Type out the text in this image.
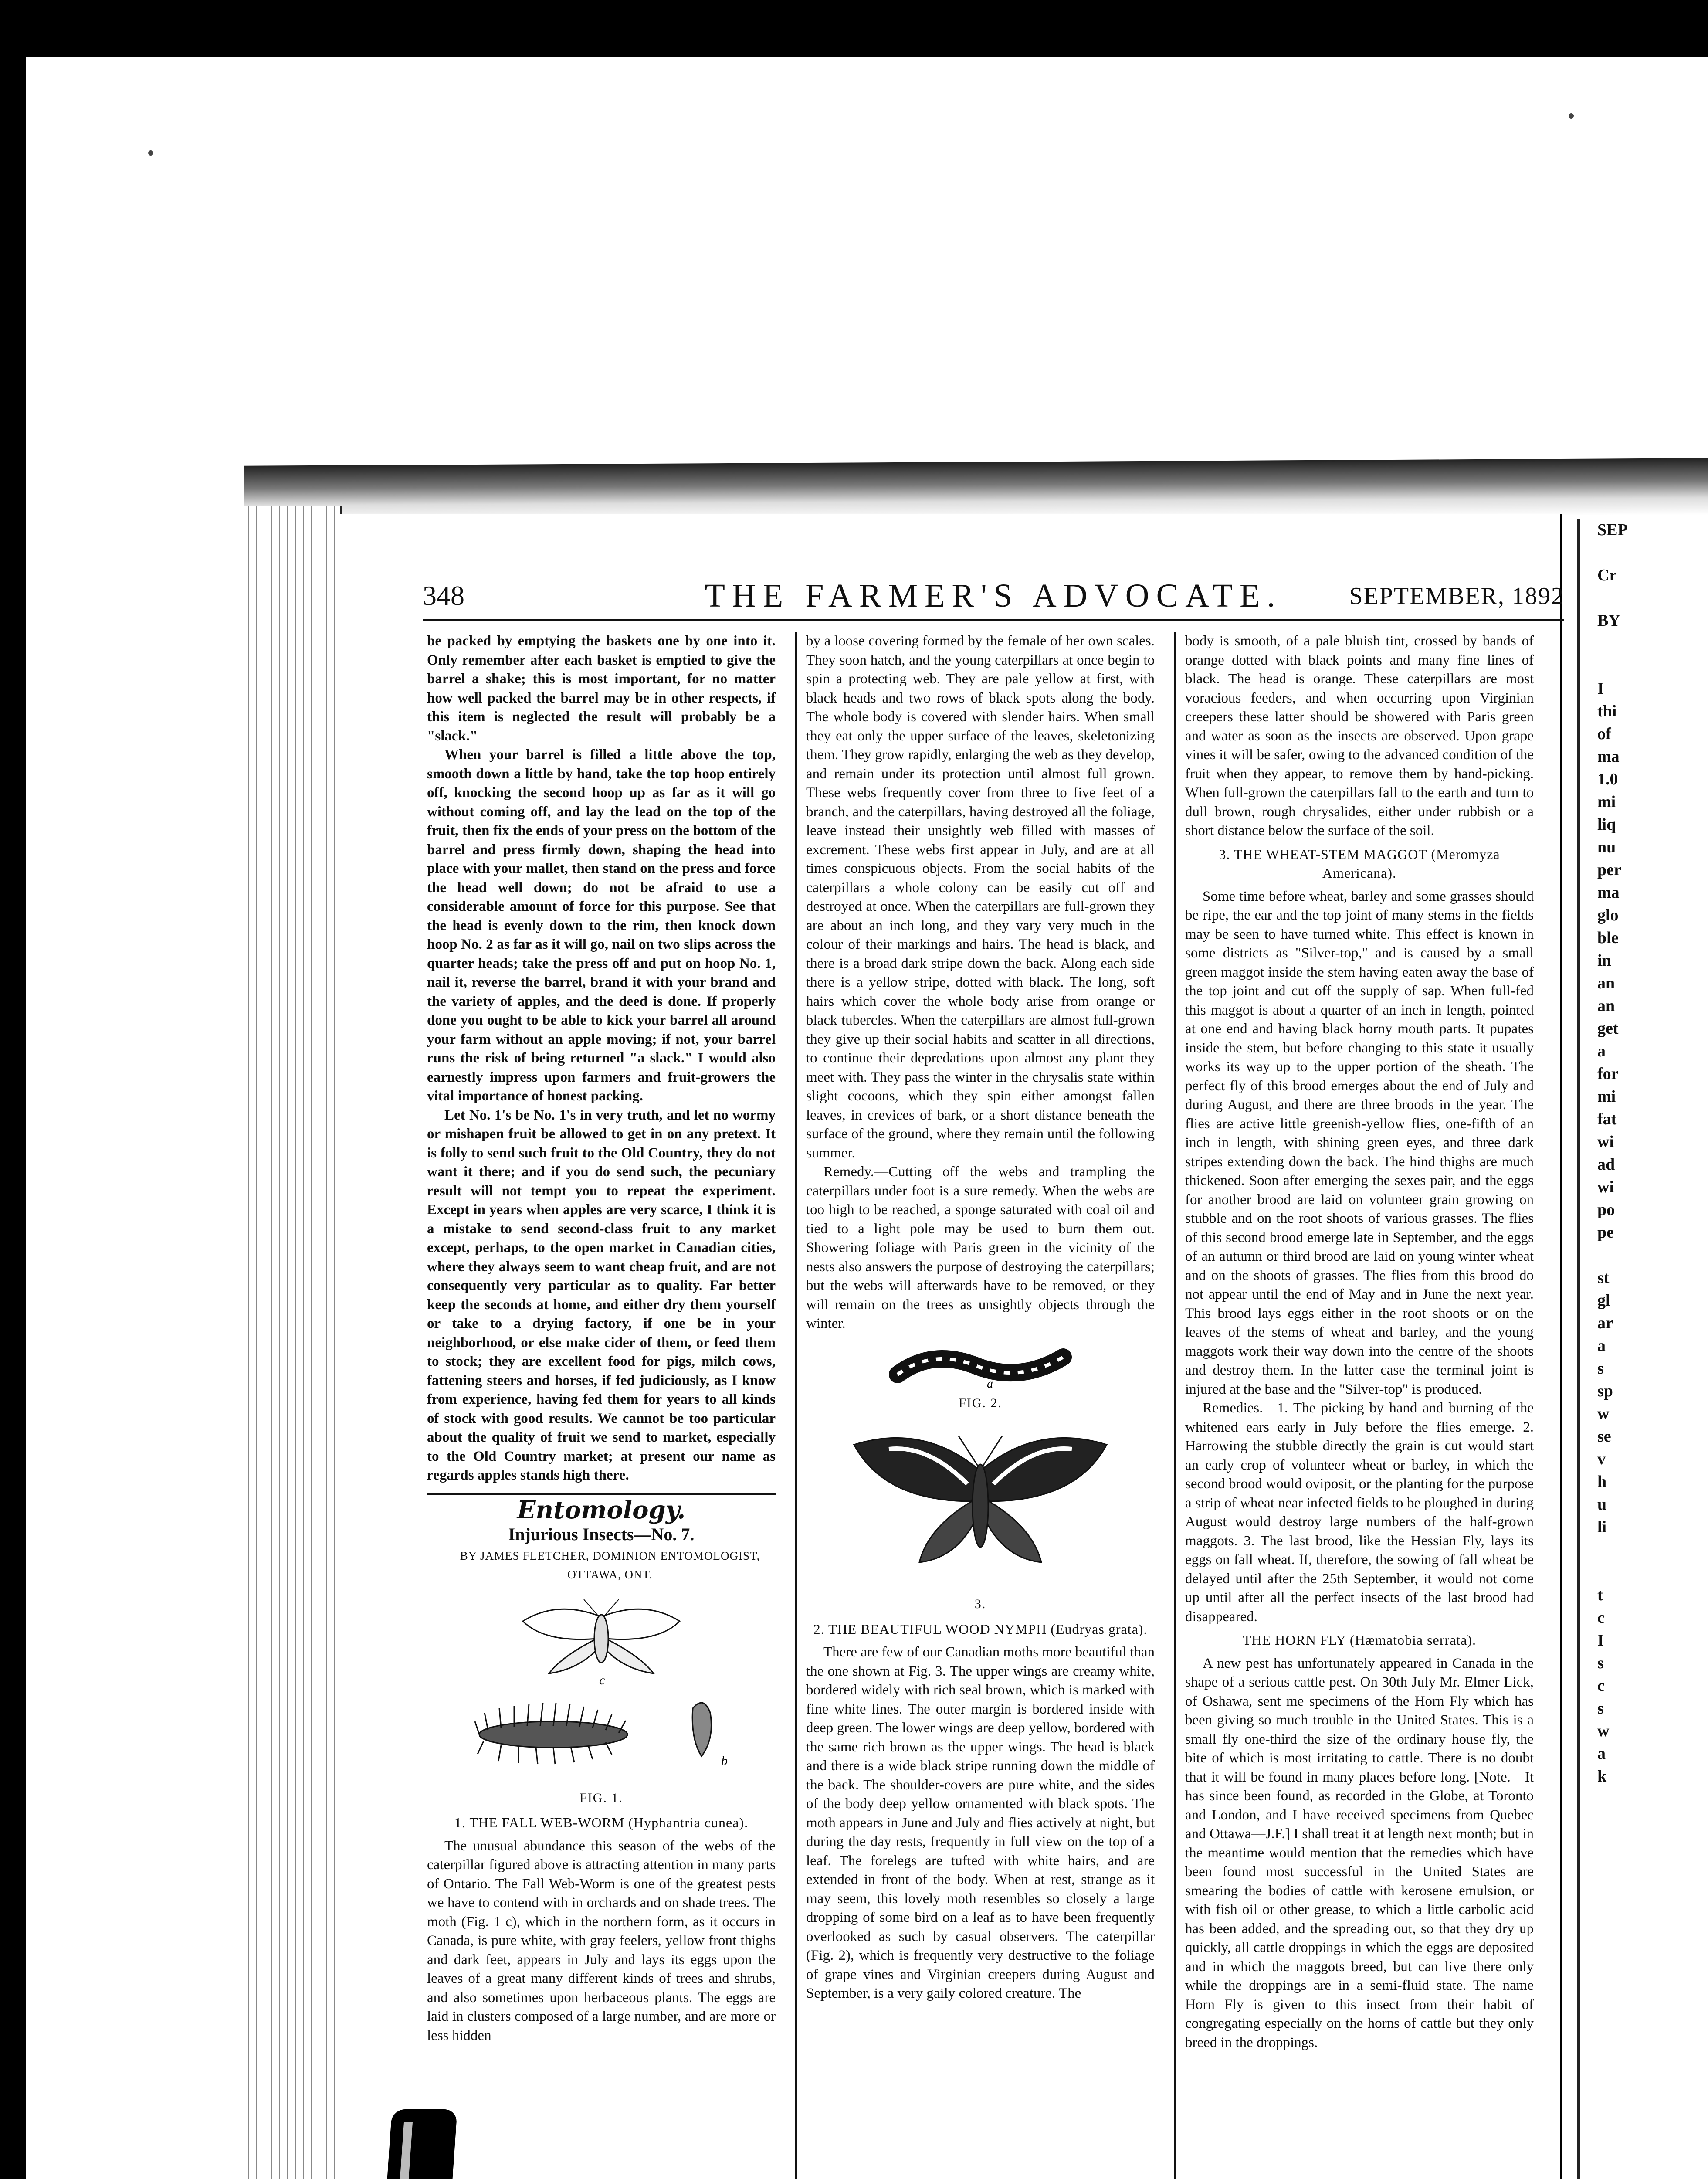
348	THE FARMER'S ADVOCATE.	SEPTEMBER, 1892

be packed by emptying the baskets one by one into it. Only remember after each basket is emptied to give the barrel a shake; this is most important, for no matter how well packed the barrel may be in other respects, if this item is neglected the result will probably be a "slack."

When your barrel is filled a little above the top, smooth down a little by hand, take the top hoop entirely off, knocking the second hoop up as far as it will go without coming off, and lay the lead on the top of the fruit, then fix the ends of your press on the bottom of the barrel and press firmly down, shaping the head into place with your mallet, then stand on the press and force the head well down; do not be afraid to use a considerable amount of force for this purpose. See that the head is evenly down to the rim, then knock down hoop No. 2 as far as it will go, nail on two slips across the quarter heads; take the press off and put on hoop No. 1, nail it, reverse the barrel, brand it with your brand and the variety of apples, and the deed is done. If properly done you ought to be able to kick your barrel all around your farm without an apple moving; if not, your barrel runs the risk of being returned "a slack." I would also earnestly impress upon farmers and fruit-growers the vital importance of honest packing.

Let No. 1's be No. 1's in very truth, and let no wormy or mishapen fruit be allowed to get in on any pretext. It is folly to send such fruit to the Old Country, they do not want it there; and if you do send such, the pecuniary result will not tempt you to repeat the experiment. Except in years when apples are very scarce, I think it is a mistake to send second-class fruit to any market except, perhaps, to the open market in Canadian cities, where they always seem to want cheap fruit, and are not consequently very particular as to quality. Far better keep the seconds at home, and either dry them yourself or take to a drying factory, if one be in your neighborhood, or else make cider of them, or feed them to stock; they are excellent food for pigs, milch cows, fattening steers and horses, if fed judiciously, as I know from experience, having fed them for years to all kinds of stock with good results. We cannot be too particular about the quality of fruit we send to market, especially to the Old Country market; at present our name as regards apples stands high there.

Entomology.
Injurious Insects—No. 7.

BY JAMES FLETCHER, DOMINION ENTOMOLOGIST,

OTTAWA, ONT.

c
b
FIG. 1.
1. THE FALL WEB-WORM (Hyphantria cunea).

The unusual abundance this season of the webs of the caterpillar figured above is attracting attention in many parts of Ontario. The Fall Web-Worm is one of the greatest pests we have to contend with in orchards and on shade trees. The moth (Fig. 1 c), which in the northern form, as it occurs in Canada, is pure white, with gray feelers, yellow front thighs and dark feet, appears in July and lays its eggs upon the leaves of a great many different kinds of trees and shrubs, and also sometimes upon herbaceous plants. The eggs are laid in clusters composed of a large number, and are more or less hidden

by a loose covering formed by the female of her own scales. They soon hatch, and the young caterpillars at once begin to spin a protecting web. They are pale yellow at first, with black heads and two rows of black spots along the body. The whole body is covered with slender hairs. When small they eat only the upper surface of the leaves, skeletonizing them. They grow rapidly, enlarging the web as they develop, and remain under its protection until almost full grown. These webs frequently cover from three to five feet of a branch, and the caterpillars, having destroyed all the foliage, leave instead their unsightly web filled with masses of excrement. These webs first appear in July, and are at all times conspicuous objects. From the social habits of the caterpillars a whole colony can be easily cut off and destroyed at once. When the caterpillars are full-grown they are about an inch long, and they vary very much in the colour of their markings and hairs. The head is black, and there is a broad dark stripe down the back. Along each side there is a yellow stripe, dotted with black. The long, soft hairs which cover the whole body arise from orange or black tubercles. When the caterpillars are almost full-grown they give up their social habits and scatter in all directions, to continue their depredations upon almost any plant they meet with. They pass the winter in the chrysalis state within slight cocoons, which they spin either amongst fallen leaves, in crevices of bark, or a short distance beneath the surface of the ground, where they remain until the following summer.

Remedy.—Cutting off the webs and trampling the caterpillars under foot is a sure remedy. When the webs are too high to be reached, a sponge saturated with coal oil and tied to a light pole may be used to burn them out. Showering foliage with Paris green in the vicinity of the nests also answers the purpose of destroying the caterpillars; but the webs will afterwards have to be removed, or they will remain on the trees as unsightly objects through the winter.

a
FIG. 2.
3.
2. THE BEAUTIFUL WOOD NYMPH (Eudryas grata).

There are few of our Canadian moths more beautiful than the one shown at Fig. 3. The upper wings are creamy white, bordered widely with rich seal brown, which is marked with fine white lines. The outer margin is bordered inside with deep green. The lower wings are deep yellow, bordered with the same rich brown as the upper wings. The head is black and there is a wide black stripe running down the middle of the back. The shoulder-covers are pure white, and the sides of the body deep yellow ornamented with black spots. The moth appears in June and July and flies actively at night, but during the day rests, frequently in full view on the top of a leaf. The forelegs are tufted with white hairs, and are extended in front of the body. When at rest, strange as it may seem, this lovely moth resembles so closely a large dropping of some bird on a leaf as to have been frequently overlooked as such by casual observers. The caterpillar (Fig. 2), which is frequently very destructive to the foliage of grape vines and Virginian creepers during August and September, is a very gaily colored creature. The

body is smooth, of a pale bluish tint, crossed by bands of orange dotted with black points and many fine lines of black. The head is orange. These caterpillars are most voracious feeders, and when occurring upon Virginian creepers these latter should be showered with Paris green and water as soon as the insects are observed. Upon grape vines it will be safer, owing to the advanced condition of the fruit when they appear, to remove them by hand-picking. When full-grown the caterpillars fall to the earth and turn to dull brown, rough chrysalides, either under rubbish or a short distance below the surface of the soil.

3. THE WHEAT-STEM MAGGOT (Meromyza Americana).

Some time before wheat, barley and some grasses should be ripe, the ear and the top joint of many stems in the fields may be seen to have turned white. This effect is known in some districts as "Silver-top," and is caused by a small green maggot inside the stem having eaten away the base of the top joint and cut off the supply of sap. When full-fed this maggot is about a quarter of an inch in length, pointed at one end and having black horny mouth parts. It pupates inside the stem, but before changing to this state it usually works its way up to the upper portion of the sheath. The perfect fly of this brood emerges about the end of July and during August, and there are three broods in the year. The flies are active little greenish-yellow flies, one-fifth of an inch in length, with shining green eyes, and three dark stripes extending down the back. The hind thighs are much thickened. Soon after emerging the sexes pair, and the eggs for another brood are laid on volunteer grain growing on stubble and on the root shoots of various grasses. The flies of this second brood emerge late in September, and the eggs of an autumn or third brood are laid on young winter wheat and on the shoots of grasses. The flies from this brood do not appear until the end of May and in June the next year. This brood lays eggs either in the root shoots or on the leaves of the stems of wheat and barley, and the young maggots work their way down into the centre of the shoots and destroy them. In the latter case the terminal joint is injured at the base and the "Silver-top" is produced.

Remedies.—1. The picking by hand and burning of the whitened ears early in July before the flies emerge. 2. Harrowing the stubble directly the grain is cut would start an early crop of volunteer wheat or barley, in which the second brood would oviposit, or the planting for the purpose a strip of wheat near infected fields to be ploughed in during August would destroy large numbers of the half-grown maggots. 3. The last brood, like the Hessian Fly, lays its eggs on fall wheat. If, therefore, the sowing of fall wheat be delayed until after the 25th September, it would not come up until after all the perfect insects of the last brood had disappeared.

THE HORN FLY (Hæmatobia serrata).

A new pest has unfortunately appeared in Canada in the shape of a serious cattle pest. On 30th July Mr. Elmer Lick, of Oshawa, sent me specimens of the Horn Fly which has been giving so much trouble in the United States. This is a small fly one-third the size of the ordinary house fly, the bite of which is most irritating to cattle. There is no doubt that it will be found in many places before long. [Note.—It has since been found, as recorded in the Globe, at Toronto and London, and I have received specimens from Quebec and Ottawa—J.F.] I shall treat it at length next month; but in the meantime would mention that the remedies which have been found most successful in the United States are smearing the bodies of cattle with kerosene emulsion, or with fish oil or other grease, to which a little carbolic acid has been added, and the spreading out, so that they dry up quickly, all cattle droppings in which the eggs are deposited and in which the maggots breed, but can live there only while the droppings are in a semi-fluid state. The name Horn Fly is given to this insect from their habit of congregating especially on the horns of cattle but they only breed in the droppings.

SEP

Cr

BY

I
thi
of
ma
1.0
mi
liq
nu
per
ma
glo
ble
in
an
an
get
a
for
mi
fat
wi
ad
wi
po
pe

st
gl
ar
a
s
sp
w
se
v
h
u
li

t
c
I
s
c
s
w
a
k
